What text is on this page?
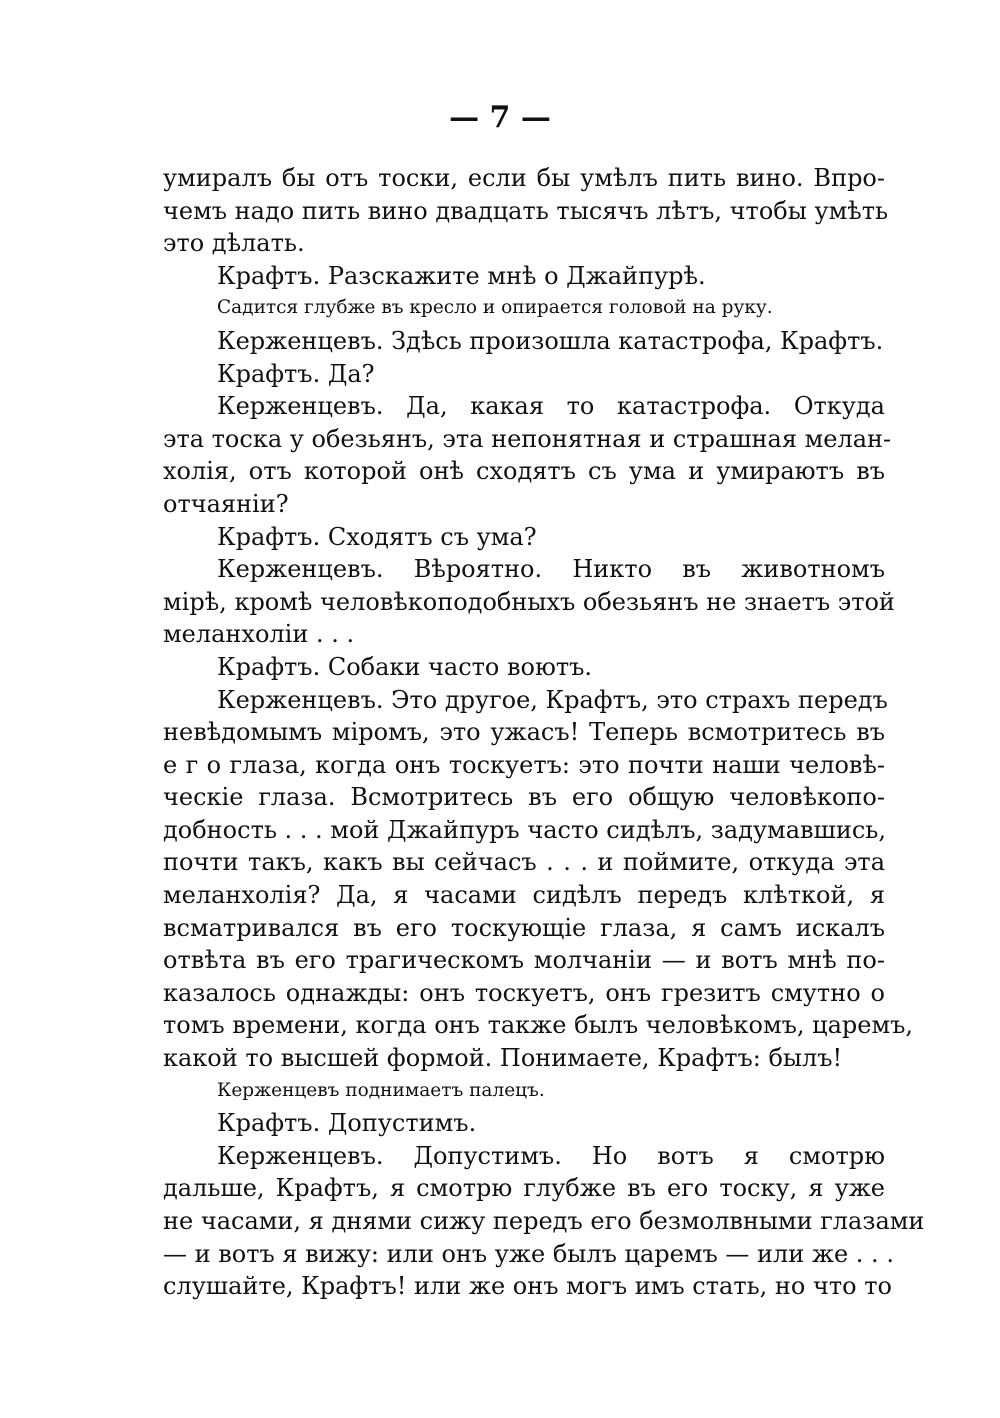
— 7 —
умиралъ бы отъ тоски, если бы умѣлъ пить вино. Впро-
чемъ надо пить вино двадцать тысячъ лѣтъ, чтобы умѣть
это дѣлать.
Крафтъ. Разскажите мнѣ о Джайпурѣ.
Садится глубже въ кресло и опирается головой на руку.
Керженцевъ. Здѣсь произошла катастрофа, Крафтъ.
Крафтъ. Да?
Керженцевъ. Да, какая то катастрофа. Откуда
эта тоска у обезьянъ, эта непонятная и страшная мелан-
холія, отъ которой онѣ сходятъ съ ума и умираютъ въ
отчаяніи?
Крафтъ. Сходятъ съ ума?
Керженцевъ. Вѣроятно. Никто въ животномъ
мірѣ, кромѣ человѣкоподобныхъ обезьянъ не знаетъ этой
меланхоліи . . .
Крафтъ. Собаки часто воютъ.
Керженцевъ. Это другое, Крафтъ, это страхъ передъ
невѣдомымъ міромъ, это ужасъ! Теперь всмотритесь въ
е г о глаза, когда онъ тоскуетъ: это почти наши человѣ-
ческіе глаза. Всмотритесь въ его общую человѣкопо-
добность . . . мой Джайпуръ часто сидѣлъ, задумавшись,
почти такъ, какъ вы сейчасъ . . . и поймите, откуда эта
меланхолія? Да, я часами сидѣлъ передъ клѣткой, я
всматривался въ его тоскующіе глаза, я самъ искалъ
отвѣта въ его трагическомъ молчаніи — и вотъ мнѣ по-
казалось однажды: онъ тоскуетъ, онъ грезитъ смутно о
томъ времени, когда онъ также былъ человѣкомъ, царемъ,
какой то высшей формой. Понимаете, Крафтъ: былъ!
Керженцевъ поднимаетъ палецъ.
Крафтъ. Допустимъ.
Керженцевъ. Допустимъ. Но вотъ я смотрю
дальше, Крафтъ, я смотрю глубже въ его тоску, я уже
не часами, я днями сижу передъ его безмолвными глазами
— и вотъ я вижу: или онъ уже былъ царемъ — или же . . .
слушайте, Крафтъ! или же онъ могъ имъ стать, но что то
